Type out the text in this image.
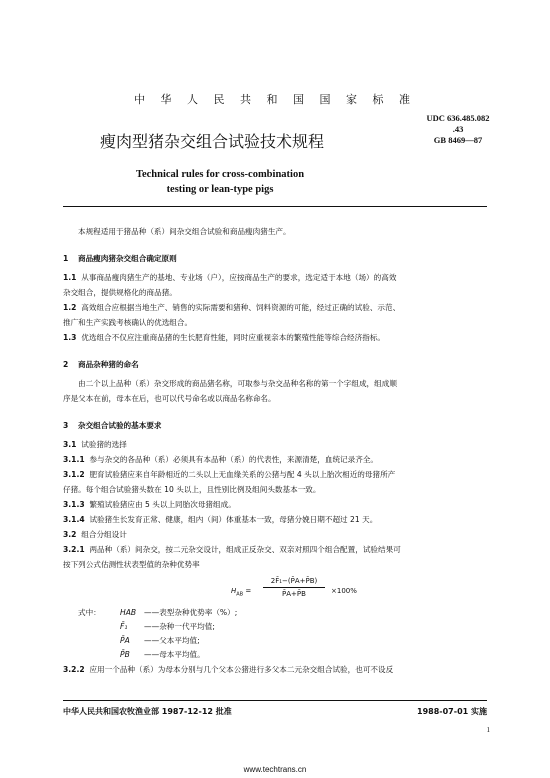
中 华 人 民 共 和 国 国 家 标 准
UDC 636.485.082
.43
GB 8469—87
瘦肉型猪杂交组合试验技术规程
Technical rules for cross-combination
testing or lean-type pigs

本规程适用于猪品种（系）间杂交组合试验和商品瘦肉猪生产。

1 商品瘦肉猪杂交组合确定原则

1.1 从事商品瘦肉猪生产的基地、专业场（户），应按商品生产的要求，选定适于本地（场）的高效

杂交组合，提供规格化的商品猪。

1.2 高效组合应根据当地生产、销售的实际需要和猪种、饲料资源的可能，经过正确的试验、示范、

推广和生产实践考核确认的优选组合。

1.3 优选组合不仅应注重商品猪的生长肥育性能，同时应重视亲本的繁殖性能等综合经济指标。

2 商品杂种猪的命名

由二个以上品种（系）杂交形成的商品猪名称，可取参与杂交品种名称的第一个字组成，组成顺

序是父本在前，母本在后，也可以代号命名或以商品名称命名。

3 杂交组合试验的基本要求

3.1 试验猪的选择

3.1.1 参与杂交的各品种（系）必须具有本品种（系）的代表性，来源清楚，血统记录齐全。

3.1.2 肥育试验猪应来自年龄相近的二头以上无血缘关系的公猪与配 4 头以上胎次相近的母猪所产

仔猪。每个组合试验猪头数在 10 头以上，且性别比例及组间头数基本一致。

3.1.3 繁殖试验猪应由 5 头以上同胎次母猪组成。

3.1.4 试验猪生长发育正常、健康，组内（间）体重基本一致，母猪分娩日期不超过 21 天。

3.2 组合分组设计

3.2.1 两品种（系）间杂交，按二元杂交设计，组成正反杂交、双亲对照四个组合配置，试验结果可

按下列公式估测性状表型值的杂种优势率

$H_{AB}$ =
2F̄₁−(P̄A+P̄B)
P̄A+P̄B	×100%
式中：	HAB	——表型杂种优势率（%）;
F̄₁	——杂种一代平均值;
P̄A	——父本平均值;
P̄B	——母本平均值。

3.2.2 应用一个品种（系）为母本分别与几个父本公猪进行多父本二元杂交组合试验，也可不设反

中华人民共和国农牧渔业部 1987-12-12 批准	1988-07-01 实施
1
www.techtrans.cn
